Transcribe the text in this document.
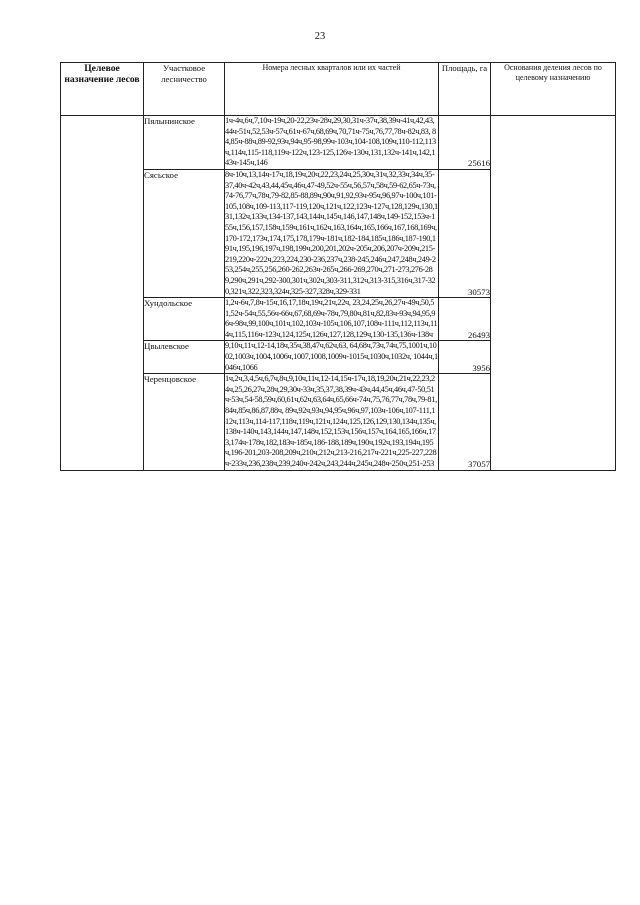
23
Целевое назначение лесов	Участковое лесничество	Номера лесных кварталов или их частей	Площадь, га	Основания деления лесов по целевому назначению
	Пялынинское	1ч-4ч,6ч,7,10ч-19ч,20-22,23ч-28ч,29,30,31ч-37ч,38,39ч-41ч,42,43,44ч-51ч,52,53ч-57ч,61ч-67ч,68,69ч,70,71ч-75ч,76,77,78ч-82ч,83, 84,85ч-88ч,89-92,93ч,94ч,95-98,99ч-103ч,104-108,109ч,110-112,113ч,114ч,115-118,119ч-122ч,123-125,126ч-130ч,131,132ч-141ч,142,143ч-145ч,146	25616	
	Сясьское	8ч-10ч,13,14ч-17ч,18,19ч,20ч,22,23,24ч,25,30ч,31ч,32,33ч,34ч,35-37,40ч-42ч,43,44,45ч,46ч,47-49,52ч-55ч,56,57ч,58ч,59-62,65ч-73ч,74-76,77ч,78ч,79-82,85-88,89ч,90ч,91,92,93ч-95ч,96,97ч-100ч,101-105,108ч,109-113,117-119,120ч,121ч,122,123ч-127ч,128,129ч,130,131,132ч,133ч,134-137,143,144ч,145ч,146,147,148ч,149-152,153ч-155ч,156,157,158ч,159ч,161ч,162ч,163,164ч,165,166ч,167,168,169ч,170-172,173ч,174,175,178,179ч-181ч,182-184,185ч,186ч,187-190,191ч,195,196,197ч,198,199ч,200,201,202ч-205ч,206,207ч-209ч,215-219,220ч-222ч,223,224,230-236,237ч,238-245,246ч,247,248ч,249-253,254ч,255,256,260-262,263ч-265ч,266-269,270ч,271-273,276-289,290ч,291ч,292-300,301ч,302ч,303-311,312ч,313-315,316ч,317-320,321ч,322,323,324ч,325-327,328ч,329-331	30573	
	Хундольское	1,2ч-6ч,7,8ч-15ч,16,17,18ч,19ч,21ч,22ч, 23,24,25ч,26,27ч-49ч,50,51,52ч-54ч,55,56ч-66ч,67,68,69ч-78ч,79,80ч,81ч,82,83ч-93ч,94,95,96ч-98ч,99,100ч,101ч,102,103ч-105ч,106,107,108ч-111ч,112,113ч,114ч,115,116ч-123ч,124,125ч,126ч,127,128,129ч,130-135,136ч-138ч	26493	
	Цвылевское	9,10ч,11ч,12-14,18ч,35ч,38,47ч,62ч,63, 64,68ч,73ч,74ч,75,1001ч,1002,1003ч,1004,1006ч,1007,1008,1009ч-1015ч,1030ч,1032ч, 1044ч,1046ч,1066	3956	
	Черенцовское	1ч,2ч,3,4,5ч,6,7ч,8ч,9,10ч,11ч,12-14,15ч-17ч,18,19,20ч,21ч,22,23,24ч,25,26,27ч,28ч,29,30ч-33ч,35,37,38,39ч-43ч,44,45ч,46ч,47-50,51ч-53ч,54-58,59ч,60,61ч,62ч,63,64ч,65,66ч-74ч,75,76,77ч,78ч,79-81,84ч,85ч,86,87,88ч, 89ч,92ч,93ч,94,95ч,96ч,97,103ч-106ч,107-111,112ч,113ч,114-117,118ч,119ч,121ч,124ч,125,126,129,130,134ч,135ч,138ч-140ч,143,144ч,147,148ч,152,153ч,156ч,157ч,164,165,166ч,173,174ч-178ч,182,183ч-185ч,186-188,189ч,190ч,192ч,193,194ч,195ч,196-201,203-208,209ч,210ч,212ч,213-216,217ч-221ч,225-227,228ч-233ч,236,238ч,239,240ч-242ч,243,244ч,245ч,248ч-250ч,251-253	37057	
